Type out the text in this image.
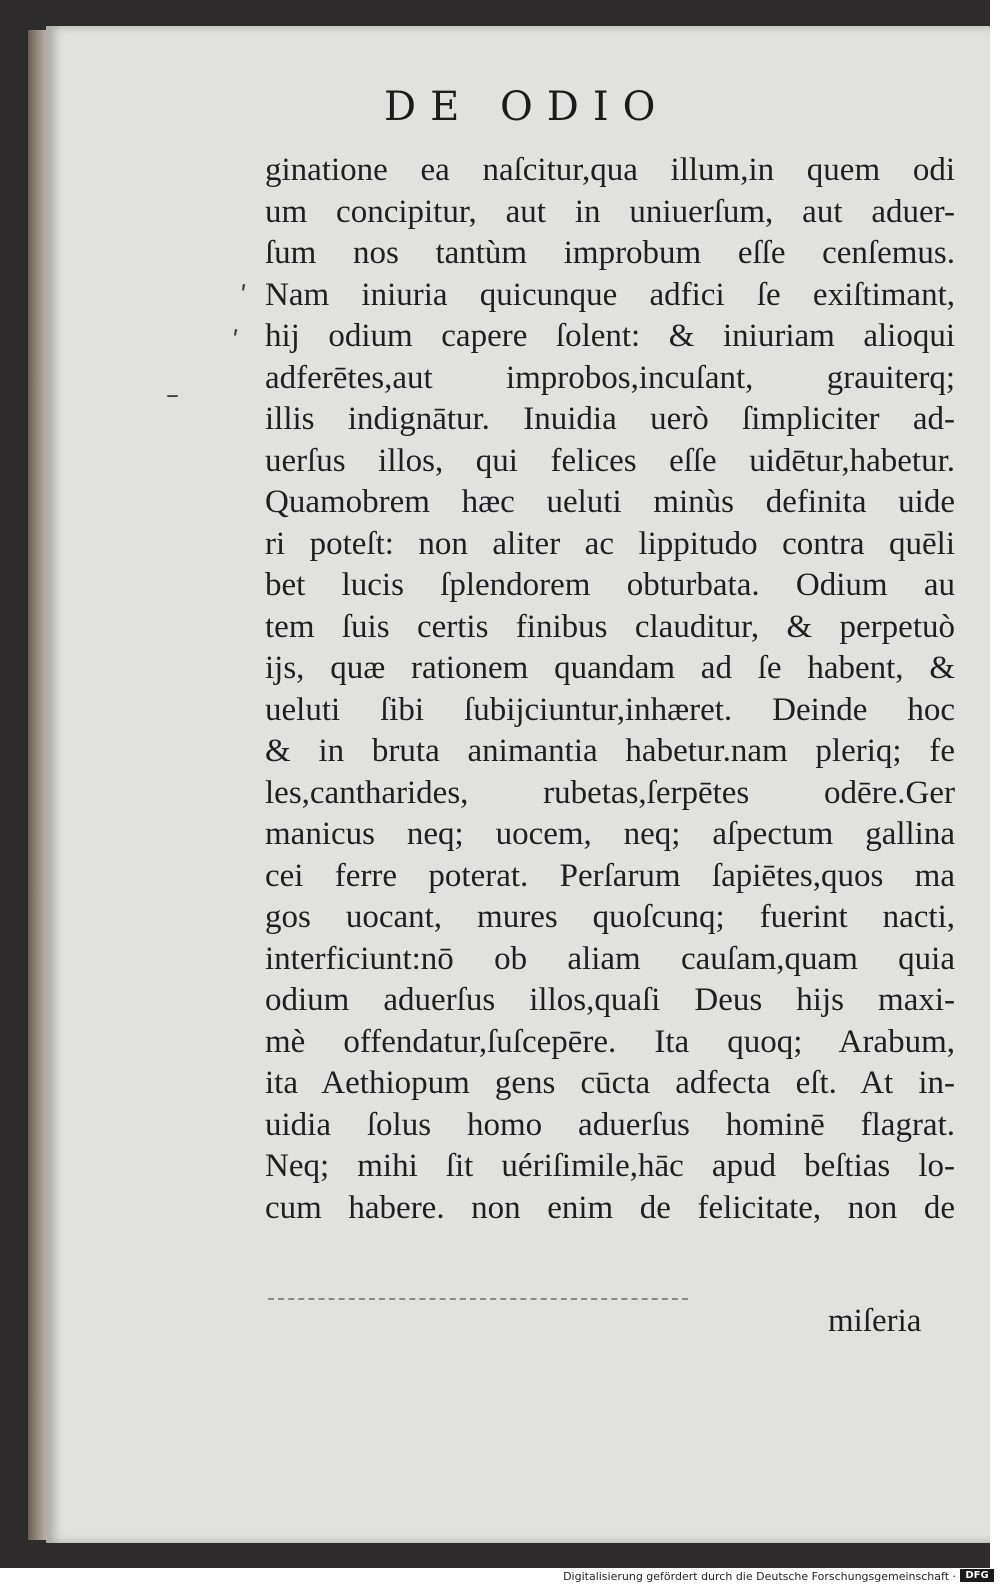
DE ODIO
ʹ
ʹ
–
ginatione ea naſcitur,qua illum,in quem odi
um concipitur, aut in uniuerſum, aut aduer-
ſum nos tantùm improbum eſſe cenſemus.
Nam iniuria quicunque adfici ſe exiſtimant,
hij odium capere ſolent: & iniuriam alioqui
adferētes,aut improbos,incuſant, grauiterq;
illis indignātur. Inuidia uerò ſimpliciter ad-
uerſus illos, qui felices eſſe uidētur,habetur.
Quamobrem hæc ueluti minùs definita uide
ri poteſt: non aliter ac lippitudo contra quēli
bet lucis ſplendorem obturbata. Odium au
tem ſuis certis finibus clauditur, & perpetuò
ijs, quæ rationem quandam ad ſe habent, &
ueluti ſibi ſubijciuntur,inhæret. Deinde hoc
& in bruta animantia habetur.nam pleriq; fe
les,cantharides, rubetas,ſerpētes odēre.Ger
manicus neq; uocem, neq; aſpectum gallina
cei ferre poterat. Perſarum ſapiētes,quos ma
gos uocant, mures quoſcunq; fuerint nacti,
interficiunt:nō ob aliam cauſam,quam quia
odium aduerſus illos,quaſi Deus hijs maxi-
mè offendatur,ſuſcepēre. Ita quoq; Arabum,
ita Aethiopum gens cūcta adfecta eſt. At in-
uidia ſolus homo aduerſus hominē flagrat.
Neq; mihi ſit uériſimile,hāc apud beſtias lo-
cum habere. non enim de felicitate, non de
miſeria
Digitalisierung gefördert durch die Deutsche Forschungsgemeinschaft · DFG
